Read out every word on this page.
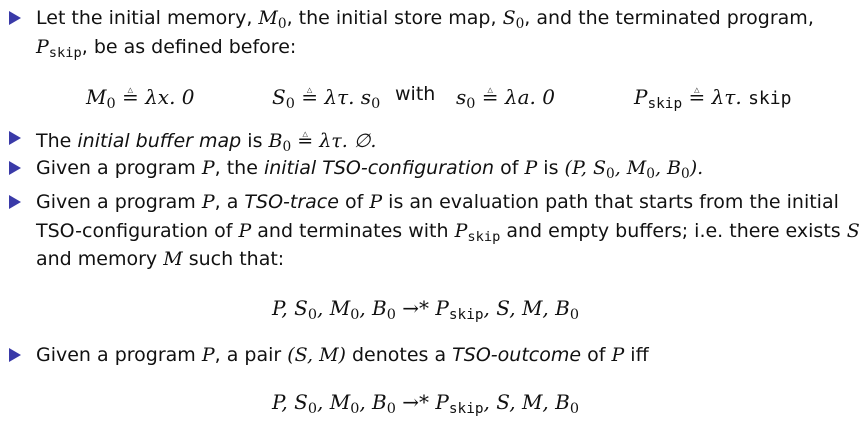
Let the initial memory, $M_0$, the initial store map, $S_0$, and the terminated program,
$P_{skip}$, be as defined before:
$M_0$ △ = λx. 0	$S_0$ △ = λτ. $s_0$ with $s_0$ △ = λa. 0	$P_{skip}$ △ = λτ. skip
The initial buffer map is $B_0$ △ = λτ. ∅.
Given a program P, the initial TSO-configuration of P is (P, $S_0$, $M_0$, $B_0$).
Given a program P, a TSO-trace of P is an evaluation path that starts from the initial
TSO-configuration of P and terminates with $P_{skip}$ and empty buffers; i.e. there exists S
and memory M such that:
P, $S_0$, $M_0$, $B_0 \to* P_{skip}$, S, M, $B_0$
Given a program P, a pair (S, M) denotes a TSO-outcome of P iff
P, $S_0$, $M_0$, $B_0 \to* P_{skip}$, S, M, $B_0$
